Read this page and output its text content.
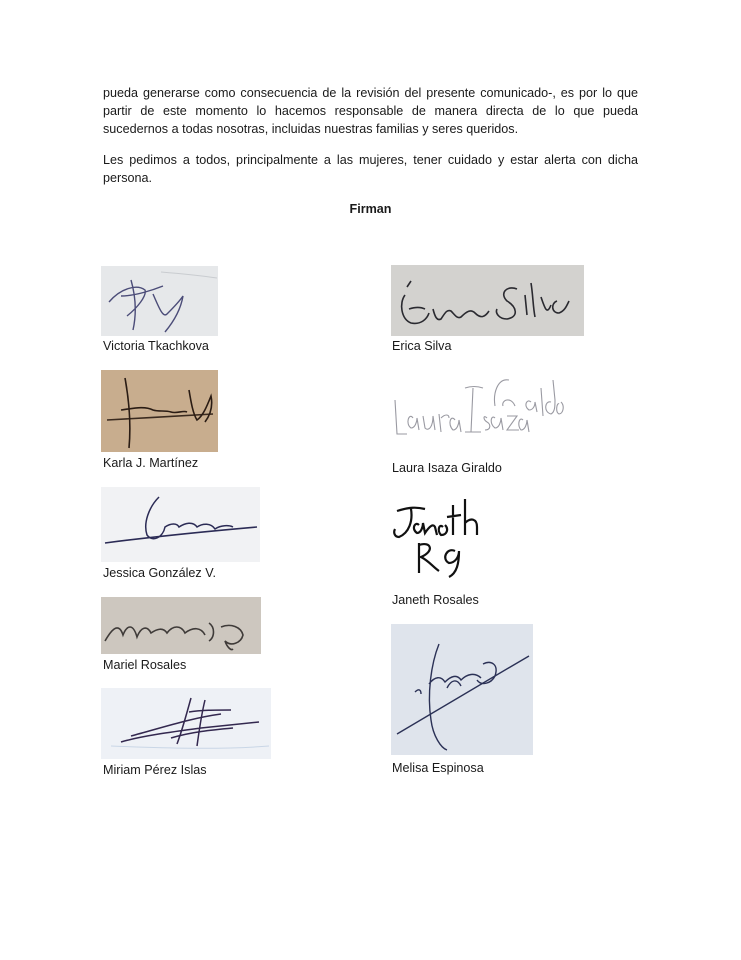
pueda generarse como consecuencia de la revisión del presente comunicado-, es por lo que partir de este momento lo hacemos responsable de manera directa de lo que pueda sucedernos a todas nosotras, incluidas nuestras familias y seres queridos.

Les pedimos a todos, principalmente a las mujeres, tener cuidado y estar alerta con dicha persona.

Firman
Victoria Tkachkova
Karla J. Martínez
Jessica González V.
Mariel Rosales
Miriam Pérez Islas
Erica Silva
Laura Isaza Giraldo
Janeth Rosales
Melisa Espinosa
